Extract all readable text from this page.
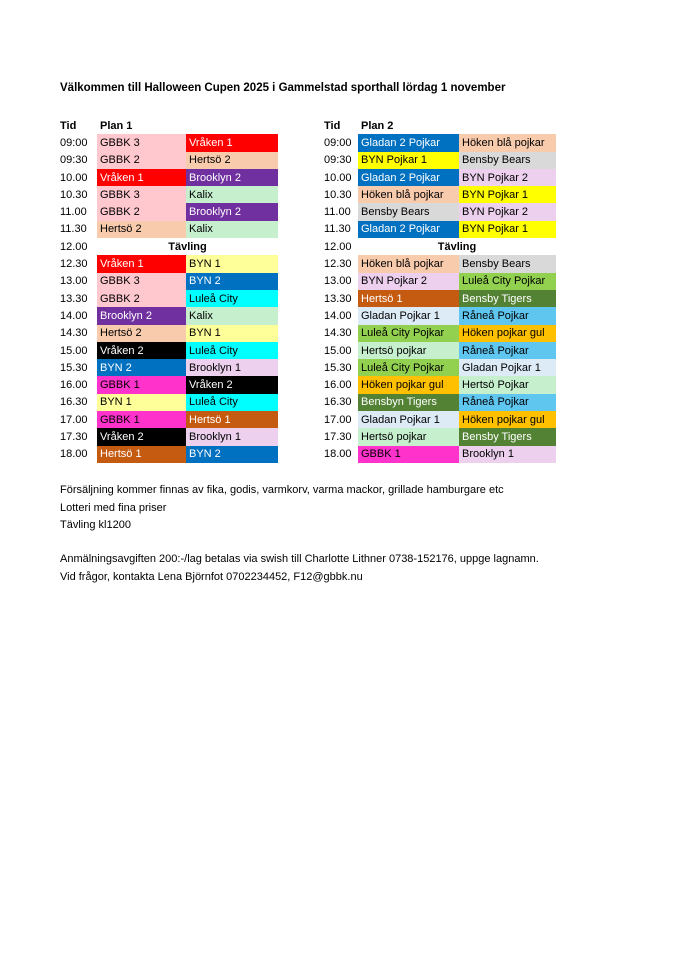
Välkommen till Halloween Cupen 2025 i Gammelstad sporthall lördag 1 november
Tid	Plan 1	
09:00	GBBK 3	Vråken 1
09:30	GBBK 2	Hertsö 2
10.00	Vråken 1	Brooklyn 2
10.30	GBBK 3	Kalix
11.00	GBBK 2	Brooklyn 2
11.30	Hertsö 2	Kalix
12.00	Tävling	
12.30	Vråken 1	BYN 1
13.00	GBBK 3	BYN 2
13.30	GBBK 2	Luleå City
14.00	Brooklyn 2	Kalix
14.30	Hertsö 2	BYN 1
15.00	Vråken 2	Luleå City
15.30	BYN 2	Brooklyn 1
16.00	GBBK 1	Vråken 2
16.30	BYN 1	Luleå City
17.00	GBBK 1	Hertsö 1
17.30	Vråken 2	Brooklyn 1
18.00	Hertsö 1	BYN 2
Tid	Plan 2	
09:00	Gladan 2 Pojkar	Höken blå pojkar
09:30	BYN Pojkar 1	Bensby Bears
10.00	Gladan 2 Pojkar	BYN Pojkar 2
10.30	Höken blå pojkar	BYN Pojkar 1
11.00	Bensby Bears	BYN Pojkar 2
11.30	Gladan 2 Pojkar	BYN Pojkar 1
12.00	Tävling	
12.30	Höken blå pojkar	Bensby Bears
13.00	BYN Pojkar 2	Luleå City Pojkar
13.30	Hertsö 1	Bensby Tigers
14.00	Gladan Pojkar 1	Råneå Pojkar
14.30	Luleå City Pojkar	Höken pojkar gul
15.00	Hertsö pojkar	Råneå Pojkar
15.30	Luleå City Pojkar	Gladan Pojkar 1
16.00	Höken pojkar gul	Hertsö Pojkar
16.30	Bensbyn Tigers	Råneå Pojkar
17.00	Gladan Pojkar 1	Höken pojkar gul
17.30	Hertsö pojkar	Bensby Tigers
18.00	GBBK 1	Brooklyn 1
Försäljning kommer finnas av fika, godis, varmkorv, varma mackor, grillade hamburgare etc
Lotteri med fina priser
Tävling kl1200
Anmälningsavgiften 200:-/lag betalas via swish till Charlotte Lithner 0738-152176, uppge lagnamn.
Vid frågor, kontakta Lena Björnfot 0702234452, F12@gbbk.nu
